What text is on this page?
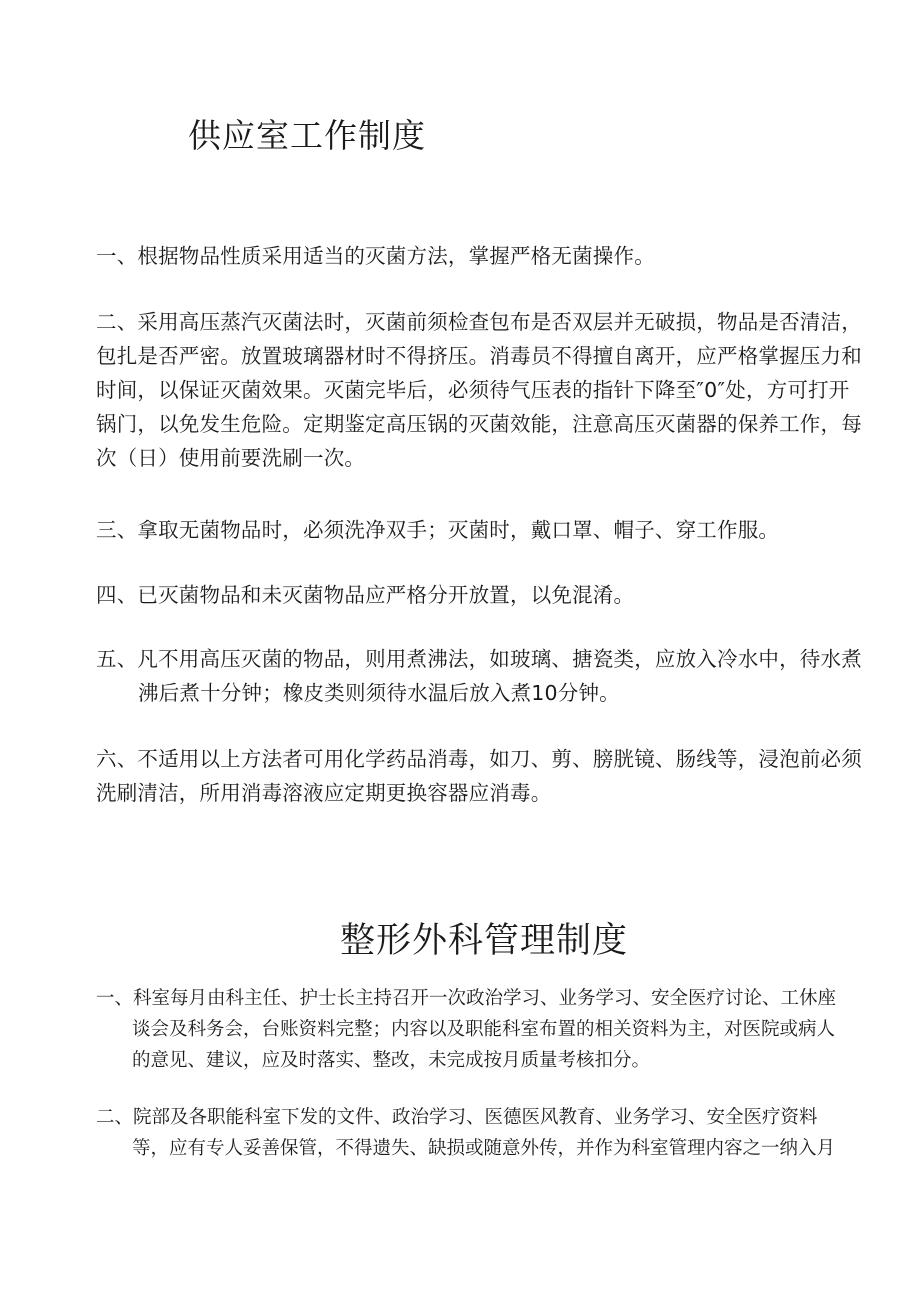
供应室工作制度

一、根据物品性质采用适当的灭菌方法，掌握严格无菌操作。

二、采用高压蒸汽灭菌法时，灭菌前须检查包布是否双层并无破损，物品是否清洁，包扎是否严密。放置玻璃器材时不得挤压。消毒员不得擅自离开，应严格掌握压力和时间，以保证灭菌效果。灭菌完毕后，必须待气压表的指针下降至″0″处，方可打开锅门，以免发生危险。定期鉴定高压锅的灭菌效能，注意高压灭菌器的保养工作，每次（日）使用前要洗刷一次。

三、拿取无菌物品时，必须洗净双手；灭菌时，戴口罩、帽子、穿工作服。

四、已灭菌物品和未灭菌物品应严格分开放置，以免混淆。

五、凡不用高压灭菌的物品，则用煮沸法，如玻璃、搪瓷类，应放入冷水中，待水煮沸后煮十分钟；橡皮类则须待水温后放入煮10分钟。

六、不适用以上方法者可用化学药品消毒，如刀、剪、膀胱镜、肠线等，浸泡前必须洗刷清洁，所用消毒溶液应定期更换容器应消毒。

整形外科管理制度

一、科室每月由科主任、护士长主持召开一次政治学习、业务学习、安全医疗讨论、工休座谈会及科务会，台账资料完整；内容以及职能科室布置的相关资料为主，对医院或病人的意见、建议，应及时落实、整改，未完成按月质量考核扣分。

二、院部及各职能科室下发的文件、政治学习、医德医风教育、业务学习、安全医疗资料等，应有专人妥善保管，不得遗失、缺损或随意外传，并作为科室管理内容之一纳入月
